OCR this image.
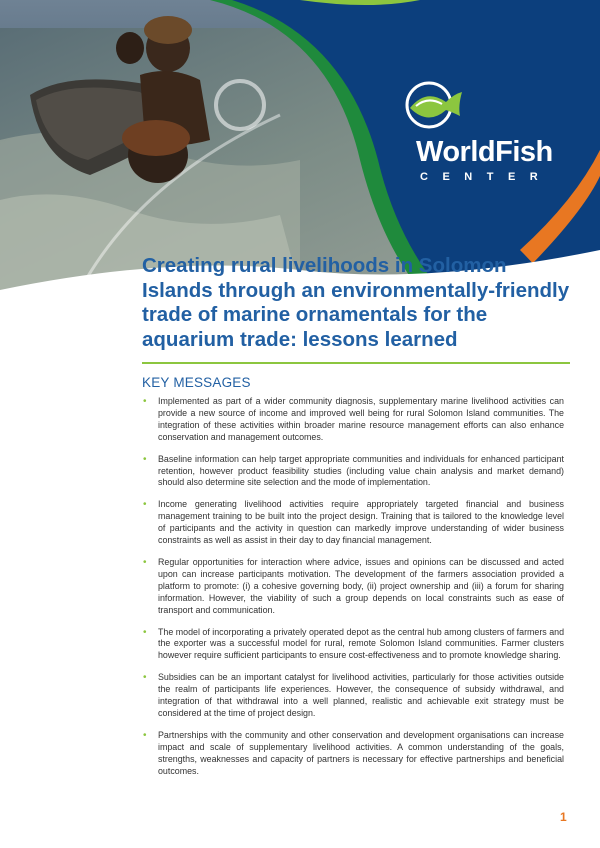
WorldFish
CENTER
Creating rural livelihoods in Solomon Islands through an environmentally-friendly trade of marine ornamentals for the aquarium trade: lessons learned
KEY MESSAGES
• Implemented as part of a wider community diagnosis, supplementary marine livelihood activities can provide a new source of income and improved well being for rural Solomon Island communities. The integration of these activities within broader marine resource management efforts can also enhance conservation and management outcomes.
• Baseline information can help target appropriate communities and individuals for enhanced participant retention, however product feasibility studies (including value chain analysis and market demand) should also determine site selection and the mode of implementation.
• Income generating livelihood activities require appropriately targeted financial and business management training to be built into the project design. Training that is tailored to the knowledge level of participants and the activity in question can markedly improve understanding of wider business constraints as well as assist in their day to day financial management.
• Regular opportunities for interaction where advice, issues and opinions can be discussed and acted upon can increase participants motivation. The development of the farmers association provided a platform to promote: (i) a cohesive governing body, (ii) project ownership and (iii) a forum for sharing information. However, the viability of such a group depends on local constraints such as ease of transport and communication.
• The model of incorporating a privately operated depot as the central hub among clusters of farmers and the exporter was a successful model for rural, remote Solomon Island communities. Farmer clusters however require sufficient participants to ensure cost-effectiveness and to promote knowledge sharing.
• Subsidies can be an important catalyst for livelihood activities, particularly for those activities outside the realm of participants life experiences. However, the consequence of subsidy withdrawal, and integration of that withdrawal into a well planned, realistic and achievable exit strategy must be considered at the time of project design.
• Partnerships with the community and other conservation and development organisations can increase impact and scale of supplementary livelihood activities. A common understanding of the goals, strengths, weaknesses and capacity of partners is necessary for effective partnerships and beneficial outcomes.
1
